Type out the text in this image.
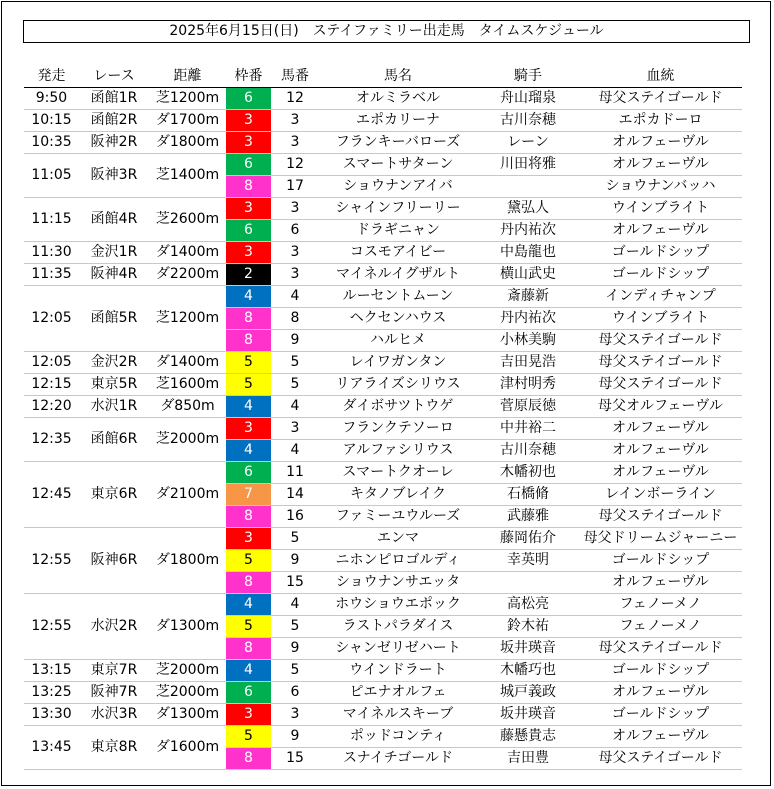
2025年6月15日(日)　ステイファミリー出走馬　タイムスケジュール
発走	レース	距離	枠番	馬番	馬名	騎手	血統
9:50	函館1R	芝1200m	6	12	オルミラベル	舟山瑠泉	母父ステイゴールド
10:15	函館2R	ダ1700m	3	3	エポカリーナ	古川奈穂	エポカドーロ
10:35	阪神2R	ダ1800m	3	3	フランキーバローズ	レーン	オルフェーヴル
11:05	阪神3R	芝1400m	6	12	スマートサターン	川田将雅	オルフェーヴル
			8	17	ショウナンアイバ		ショウナンバッハ
11:15	函館4R	芝2600m	3	3	シャインフリーリー	黛弘人	ウインブライト
			6	6	ドラギニャン	丹内祐次	オルフェーヴル
11:30	金沢1R	ダ1400m	3	3	コスモアイビー	中島龍也	ゴールドシップ
11:35	阪神4R	ダ2200m	2	3	マイネルイグザルト	横山武史	ゴールドシップ
12:05	函館5R	芝1200m	4	4	ルーセントムーン	斎藤新	インディチャンプ
			8	8	ヘクセンハウス	丹内祐次	ウインブライト
			8	9	ハルヒメ	小林美駒	母父ステイゴールド
12:05	金沢2R	ダ1400m	5	5	レイワガンタン	吉田晃浩	母父ステイゴールド
12:15	東京5R	芝1600m	5	5	リアライズシリウス	津村明秀	母父ステイゴールド
12:20	水沢1R	ダ850m	4	4	ダイボサツトウゲ	菅原辰徳	母父オルフェーヴル
12:35	函館6R	芝2000m	3	3	フランクテソーロ	中井裕二	オルフェーヴル
			4	4	アルファシリウス	古川奈穂	オルフェーヴル
12:45	東京6R	ダ2100m	6	11	スマートクオーレ	木幡初也	オルフェーヴル
			7	14	キタノブレイク	石橋脩	レインボーライン
			8	16	ファミーユウルーズ	武藤雅	母父ステイゴールド
12:55	阪神6R	ダ1800m	3	5	エンマ	藤岡佑介	母父ドリームジャーニー
			5	9	ニホンピロゴルディ	幸英明	ゴールドシップ
			8	15	ショウナンサエッタ		オルフェーヴル
12:55	水沢2R	ダ1300m	4	4	ホウショウエポック	高松亮	フェノーメノ
			5	5	ラストパラダイス	鈴木祐	フェノーメノ
			8	9	シャンゼリゼハート	坂井瑛音	母父ステイゴールド
13:15	東京7R	芝2000m	4	5	ウインドラート	木幡巧也	ゴールドシップ
13:25	阪神7R	芝2000m	6	6	ピエナオルフェ	城戸義政	オルフェーヴル
13:30	水沢3R	ダ1300m	3	3	マイネルスキーブ	坂井瑛音	ゴールドシップ
13:45	東京8R	ダ1600m	5	9	ポッドコンティ	藤懸貴志	オルフェーヴル
			8	15	スナイチゴールド	吉田豊	母父ステイゴールド
